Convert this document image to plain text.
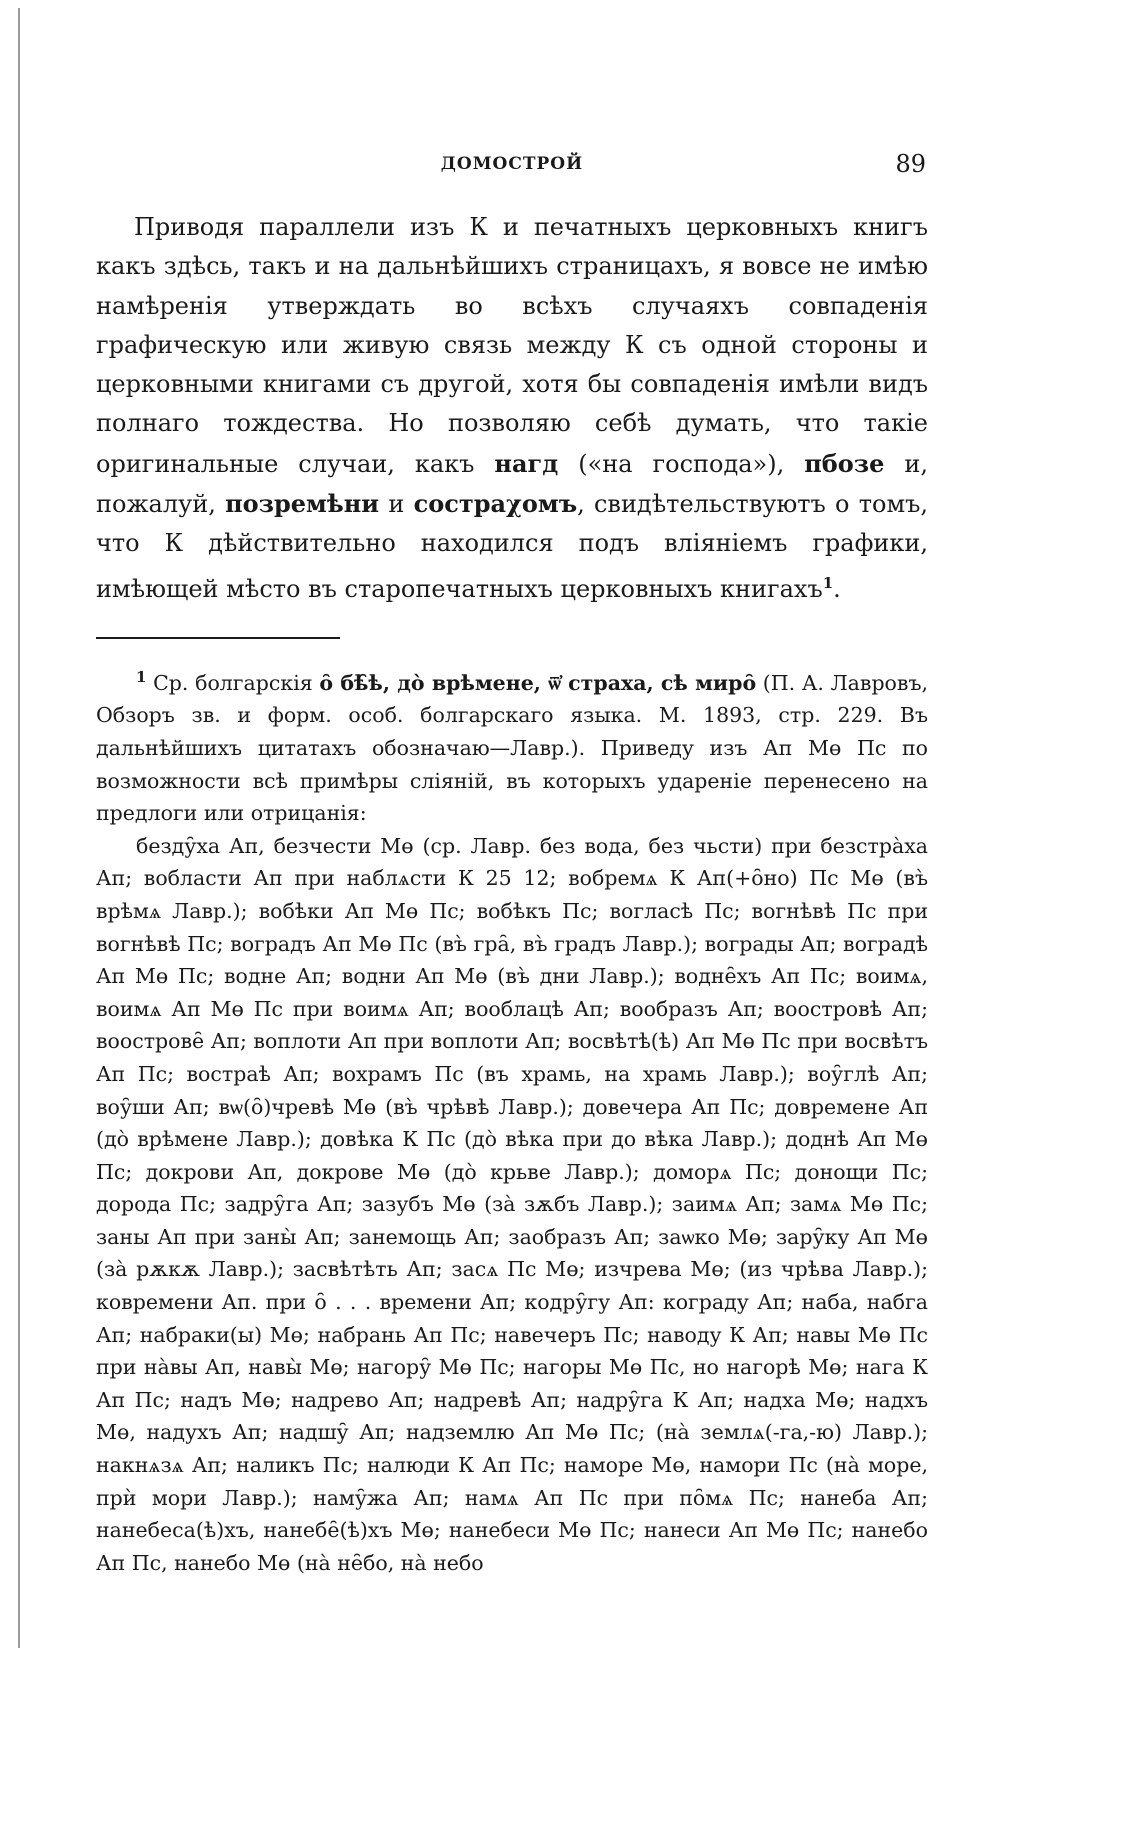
ДОМОСТРОЙ	89
Приводя параллели изъ К и печатныхъ церковныхъ книгъ какъ здѣсь, такъ и на дальнѣйшихъ страницахъ, я вовсе не имѣю намѣренія утверждать во всѣхъ случаяхъ совпаденія графическую или живую связь между К съ одной стороны и церковными книгами съ другой, хотя бы совпаденія имѣли видъ полнаго тождества. Но позволяю себѣ думать, что такіе оригинальные случаи, какъ нагд («на господа»), пбозе и, пожалуй, позремѣни и состраχомъ, свидѣтельствуютъ о томъ, что К дѣйствительно находился подъ вліяніемъ графики, имѣющей мѣсто въ старопечатныхъ церковныхъ книгахъ$^1$.
$^1$ Ср. болгарскія о̑ бѣ̑ѣ, до̀ врѣмене, ѿ̓ страха, сѣ миро̑ (П. А. Лавровъ, Обзоръ зв. и форм. особ. болгарскаго языка. М. 1893, стр. 229. Въ дальнѣйшихъ цитатахъ обозначаю—Лавр.). Приведу изъ Ап Мө Пс по возможности всѣ примѣры сліяній, въ которыхъ удареніе перенесено на предлоги или отрицанія:
безду̑ха Ап, безчести Мө (ср. Лавр. без вода, без чьсти) при безстра̀ха Ап; вобласти Ап при наблѧсти К 25 12; вобремѧ К Ап(+о̑но) Пс Мө (въ̀ врѣмѧ Лавр.); вобѣки Ап Мө Пс; вобѣкъ Пс; вогласѣ Пс; вогнѣвѣ Пс при вогнѣвѣ Пс; воградъ Ап Мө Пс (въ̀ гра̑, въ̀ градъ Лавр.); вограды Ап; воградѣ Ап Мө Пс; водне Ап; водни Ап Мө (въ̀ дни Лавр.); водне̑хъ Ап Пс; воимѧ, воимѧ Ап Мө Пс при воимѧ Ап; вооблацѣ Ап; вообразъ Ап; воостровѣ Ап; воострове̑ Ап; вoплоти Ап при воплоти Ап; восвѣтѣ(ѣ) Ап Мө Пс при восвѣтъ Ап Пс; востраѣ Ап; вохрамъ Пс (въ храмь, на храмь Лавр.); воу̑глѣ Ап; воу̑ши Ап; вѡ(о̑)чревѣ Мө (въ̀ чрѣвѣ Лавр.); довечера Ап Пс; довремене Ап (до̀ врѣмене Лавр.); довѣка К Пс (до̀ вѣка при до вѣка Лавр.); доднѣ Ап Мө Пс; докрови Ап, докрове Мө (до̀ крьве Лавр.); доморѧ Пс; донощи Пс; дорода Пс; задру̑га Ап; зазубъ Мө (за̀ зѫбъ Лавр.); заимѧ Ап; замѧ Мө Пс; заны Ап при заны̀ Ап; занемощь Ап; заобразъ Ап; заѡко Мө; зару̑ку Ап Мө (за̀ рѫкѫ Лавр.); засвѣтѣть Ап; засѧ Пс Мө; изчрева Мө; (из чрѣва Лавр.); ковремени Ап. при о̑ . . . времени Ап; кодру̑гу Ап: кограду Ап; наба, набга Ап; набраки(ы) Мө; набрань Ап Пс; навечеръ Пс; наводу К Ап; навы Мө Пс при на̀вы Ап, навы̀ Мө; нагору̑ Мө Пс; нагоры Мө Пс, но нагорѣ Мө; нага К Ап Пс; надъ Мө; надрево Ап; надревѣ Ап; надру̑га К Ап; надха Мө; надхъ Мө, надухъ Ап; надшу̑ Ап; надземлю Ап Мө Пс; (на̀ землѧ(-га,-ю) Лавр.); накнѧзѧ Ап; наликъ Пс; налюди К Ап Пс; наморе Мө, намори Пс (на̀ море, прѝ мори Лавр.); наму̑жа Ап; намѧ Ап Пс при по̑мѧ Пс; нанеба Ап; нанебеса(ѣ)хъ, нанебе̑(ѣ)хъ Мө; нанебеси Мө Пс; нанеси Ап Мө Пс; нанебо Ап Пс, нанебо Мө (на̀ не̑бо, на̀ небо
